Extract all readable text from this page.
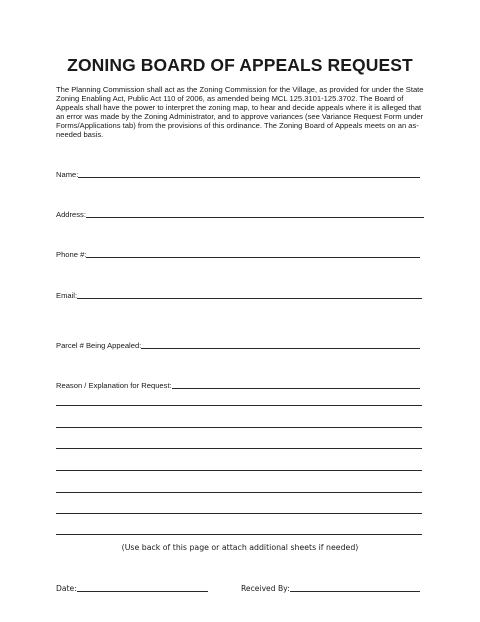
ZONING BOARD OF APPEALS REQUEST
The Planning Commission shall act as the Zoning Commission for the Village, as provided for under the State Zoning Enabling Act, Public Act 110 of 2006, as amended being MCL 125.3101-125.3702. The Board of Appeals shall have the power to interpret the zoning map, to hear and decide appeals where it is alleged that an error was made by the Zoning Administrator, and to approve variances (see Variance Request Form under Forms/Applications tab) from the provisions of this ordinance. The Zoning Board of Appeals meets on an as-needed basis.
Name:
Address:
Phone #:
Email:
Parcel # Being Appealed:
Reason / Explanation for Request:
(Use back of this page or attach additional sheets if needed)
Date:	Received By:
